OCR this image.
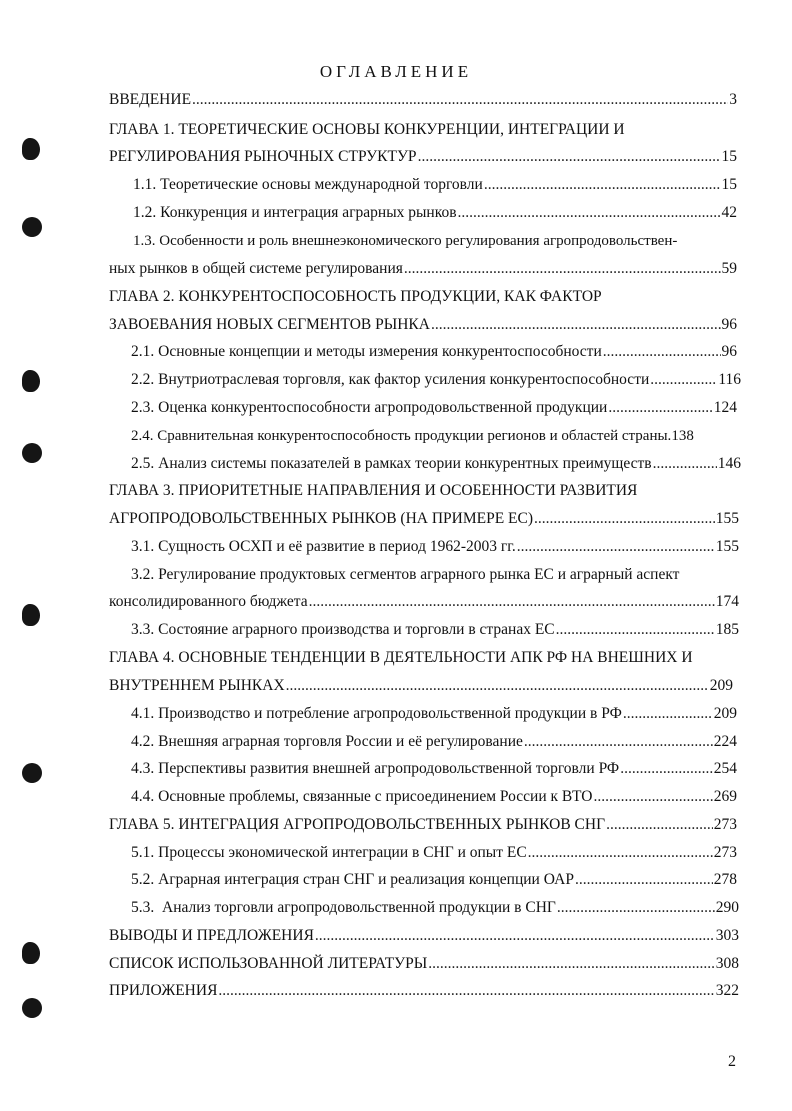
ОГЛАВЛЕНИЕ
ВВЕДЕНИЕ .....	3
ГЛАВА 1. ТЕОРЕТИЧЕСКИЕ ОСНОВЫ КОНКУРЕНЦИИ, ИНТЕГРАЦИИ И
РЕГУЛИРОВАНИЯ РЫНОЧНЫХ СТРУКТУР .....	15
1.1. Теоретические основы международной торговли .....	15
1.2. Конкуренция и интеграция аграрных рынков .....	42
1.3. Особенности и роль внешнеэкономического регулирования агропродовольствен-
ных рынков в общей системе регулирования .....	59
ГЛАВА 2. КОНКУРЕНТОСПОСОБНОСТЬ ПРОДУКЦИИ, КАК ФАКТОР
ЗАВОЕВАНИЯ НОВЫХ СЕГМЕНТОВ РЫНКА .....	96
2.1. Основные концепции и методы измерения конкурентоспособности .....	96
2.2. Внутриотраслевая торговля, как фактор усиления конкурентоспособности .....	116
2.3. Оценка конкурентоспособности агропродовольственной продукции .....	124
2.4. Сравнительная конкурентоспособность продукции регионов и областей страны. 138
2.5. Анализ системы показателей в рамках теории конкурентных преимуществ .....	146
ГЛАВА 3. ПРИОРИТЕТНЫЕ НАПРАВЛЕНИЯ И ОСОБЕННОСТИ РАЗВИТИЯ
АГРОПРОДОВОЛЬСТВЕННЫХ РЫНКОВ (НА ПРИМЕРЕ ЕС) .....	155
3.1. Сущность ОСХП и её развитие в период 1962-2003 гг. .....	155
3.2. Регулирование продуктовых сегментов аграрного рынка ЕС и аграрный аспект
консолидированного бюджета .....	174
3.3. Состояние аграрного производства и торговли в странах ЕС .....	185
ГЛАВА 4. ОСНОВНЫЕ ТЕНДЕНЦИИ В ДЕЯТЕЛЬНОСТИ АПК РФ НА ВНЕШНИХ И
ВНУТРЕННЕМ РЫНКАХ .....	209
4.1. Производство и потребление агропродовольственной продукции в РФ .....	209
4.2. Внешняя аграрная торговля России и её регулирование .....	224
4.3. Перспективы развития внешней агропродовольственной торговли РФ .....	254
4.4. Основные проблемы, связанные с присоединением России к ВТО .....	269
ГЛАВА 5. ИНТЕГРАЦИЯ АГРОПРОДОВОЛЬСТВЕННЫХ РЫНКОВ СНГ .....	273
5.1. Процессы экономической интеграции в СНГ и опыт ЕС .....	273
5.2. Аграрная интеграция стран СНГ и реализация концепции ОАР .....	278
5.3.  Анализ торговли агропродовольственной продукции в СНГ .....	290
ВЫВОДЫ И ПРЕДЛОЖЕНИЯ .....	303
СПИСОК ИСПОЛЬЗОВАННОЙ ЛИТЕРАТУРЫ .....	308
ПРИЛОЖЕНИЯ .....	322
2
